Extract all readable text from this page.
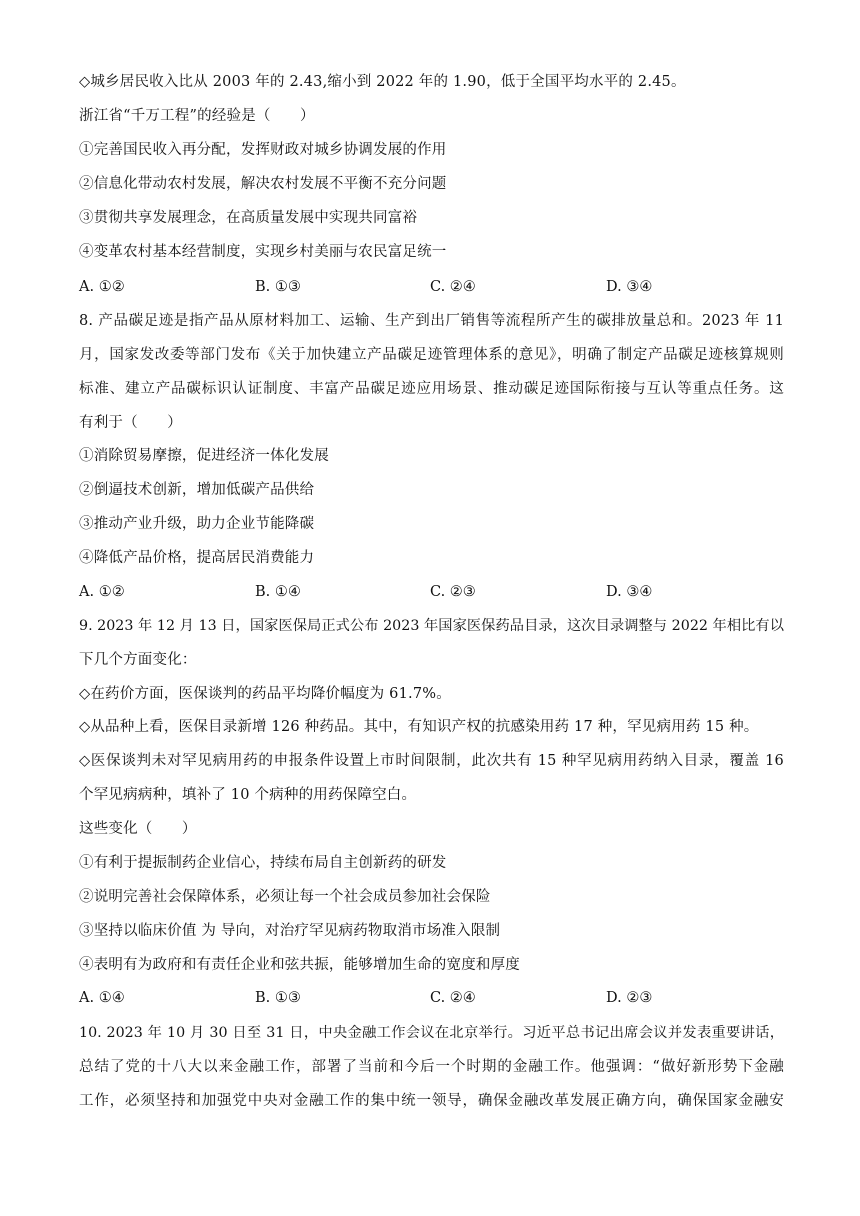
◇城乡居民收入比从 2003 年的 2.43,缩小到 2022 年的 1.90，低于全国平均水平的 2.45。
浙江省“千万工程”的经验是（　　）
①完善国民收入再分配，发挥财政对城乡协调发展的作用
②信息化带动农村发展，解决农村发展不平衡不充分问题
③贯彻共享发展理念，在高质量发展中实现共同富裕
④变革农村基本经营制度，实现乡村美丽与农民富足统一
A. ①②	B. ①③	C. ②④	D. ③④
8. 产品碳足迹是指产品从原材料加工、运输、生产到出厂销售等流程所产生的碳排放量总和。2023 年 11
月，国家发改委等部门发布《关于加快建立产品碳足迹管理体系的意见》，明确了制定产品碳足迹核算规则
标准、建立产品碳标识认证制度、丰富产品碳足迹应用场景、推动碳足迹国际衔接与互认等重点任务。这
有利于（　　）
①消除贸易摩擦，促进经济一体化发展
②倒逼技术创新，增加低碳产品供给
③推动产业升级，助力企业节能降碳
④降低产品价格，提高居民消费能力
A. ①②	B. ①④	C. ②③	D. ③④
9. 2023 年 12 月 13 日，国家医保局正式公布 2023 年国家医保药品目录，这次目录调整与 2022 年相比有以
下几个方面变化：
◇在药价方面，医保谈判的药品平均降价幅度为 61.7%。
◇从品种上看，医保目录新增 126 种药品。其中，有知识产权的抗感染用药 17 种，罕见病用药 15 种。
◇医保谈判未对罕见病用药的申报条件设置上市时间限制，此次共有 15 种罕见病用药纳入目录，覆盖 16
个罕见病病种，填补了 10 个病种的用药保障空白。
这些变化（　　）
①有利于提振制药企业信心，持续布局自主创新药的研发
②说明完善社会保障体系，必须让每一个社会成员参加社会保险
③坚持以临床价值 为 导向，对治疗罕见病药物取消市场准入限制
④表明有为政府和有责任企业和弦共振，能够增加生命的宽度和厚度
A. ①④	B. ①③	C. ②④	D. ②③
10. 2023 年 10 月 30 日至 31 日，中央金融工作会议在北京举行。习近平总书记出席会议并发表重要讲话，
总结了党的十八大以来金融工作，部署了当前和今后一个时期的金融工作。他强调：“做好新形势下金融
工作，必须坚持和加强党中央对金融工作的集中统一领导，确保金融改革发展正确方向，确保国家金融安
